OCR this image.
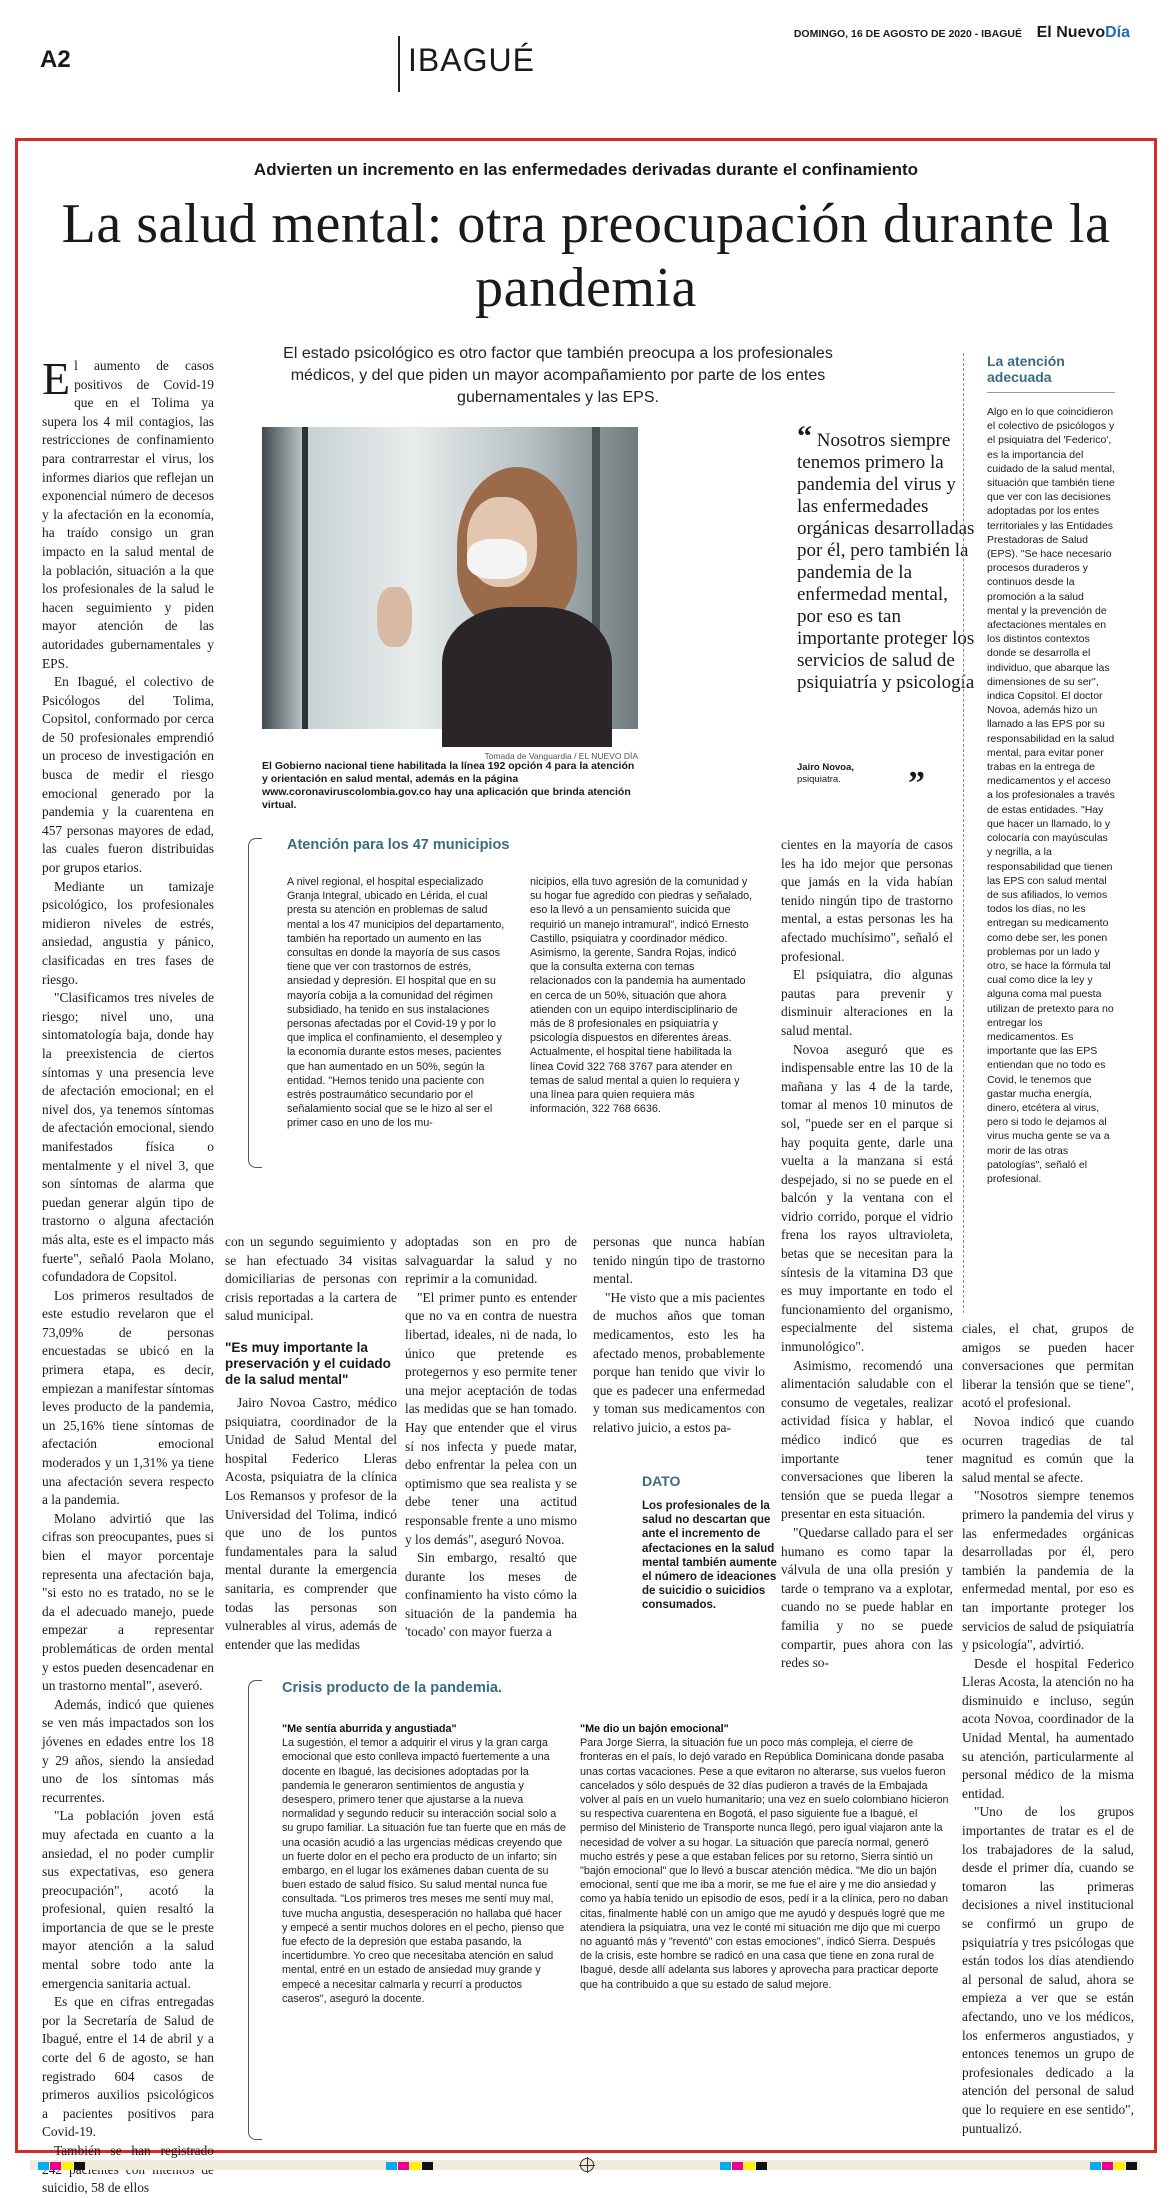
A2	IBAGUÉ
DOMINGO, 16 DE AGOSTO DE 2020 - IBAGUÉ El NuevoDía
Advierten un incremento en las enfermedades derivadas durante el confinamiento
La salud mental: otra preocupación durante la pandemia
El estado psicológico es otro factor que también preocupa a los profesionales médicos, y del que piden un mayor acompañamiento por parte de los entes gubernamentales y las EPS.

El aumento de casos positivos de Covid-19 que en el Tolima ya supera los 4 mil contagios, las restricciones de confinamiento para contrarrestar el virus, los informes diarios que reflejan un exponencial número de decesos y la afectación en la economía, ha traído consigo un gran impacto en la salud mental de la población, situación a la que los profesionales de la salud le hacen seguimiento y piden mayor atención de las autoridades gubernamentales y EPS.

En Ibagué, el colectivo de Psicólogos del Tolima, Copsitol, conformado por cerca de 50 profesionales emprendió un proceso de investigación en busca de medir el riesgo emocional generado por la pandemia y la cuarentena en 457 personas mayores de edad, las cuales fueron distribuidas por grupos etarios.

Mediante un tamizaje psicológico, los profesionales midieron niveles de estrés, ansiedad, angustia y pánico, clasificadas en tres fases de riesgo.

"Clasificamos tres niveles de riesgo; nivel uno, una sintomatología baja, donde hay la preexistencia de ciertos síntomas y una presencia leve de afectación emocional; en el nivel dos, ya tenemos síntomas de afectación emocional, siendo manifestados física o mentalmente y el nivel 3, que son síntomas de alarma que puedan generar algún tipo de trastorno o alguna afectación más alta, este es el impacto más fuerte", señaló Paola Molano, cofundadora de Copsitol.

Los primeros resultados de este estudio revelaron que el 73,09% de personas encuestadas se ubicó en la primera etapa, es decir, empiezan a manifestar síntomas leves producto de la pandemia, un 25,16% tiene síntomas de afectación emocional moderados y un 1,31% ya tiene una afectación severa respecto a la pandemia.

Molano advirtió que las cifras son preocupantes, pues si bien el mayor porcentaje representa una afectación baja, "si esto no es tratado, no se le da el adecuado manejo, puede empezar a representar problemáticas de orden mental y estos pueden desencadenar en un trastorno mental", aseveró.

Además, indicó que quienes se ven más impactados son los jóvenes en edades entre los 18 y 29 años, siendo la ansiedad uno de los síntomas más recurrentes.

"La población joven está muy afectada en cuanto a la ansiedad, el no poder cumplir sus expectativas, eso genera preocupación", acotó la profesional, quien resaltó la importancia de que se le preste mayor atención a la salud mental sobre todo ante la emergencia sanitaria actual.

Es que en cifras entregadas por la Secretaría de Salud de Ibagué, entre el 14 de abril y a corte del 6 de agosto, se han registrado 604 casos de primeros auxilios psicológicos a pacientes positivos para Covid-19.

También se han registrado suicidio, 58 de ellos

Tomada de Vanguardia / EL NUEVO DÍA
El Gobierno nacional tiene habilitada la línea 192 opción 4 para la atención y orientación en salud mental, además en la página www.coronaviruscolombia.gov.co hay una aplicación que brinda atención virtual.
“ Nosotros siempre tenemos primero la pandemia del virus y las enfermedades orgánicas desarrolladas por él, pero también la pandemia de la enfermedad mental, por eso es tan importante proteger los servicios de salud de psiquiatría y psicología
Jairo Novoa,
psiquiatra.	”
La atención adecuada
Algo en lo que coincidieron el colectivo de psicólogos y el psiquiatra del 'Federico', es la importancia del cuidado de la salud mental, situación que también tiene que ver con las decisiones adoptadas por los entes territoriales y las Entidades Prestadoras de Salud (EPS). "Se hace necesario procesos duraderos y continuos desde la promoción a la salud mental y la prevención de afectaciones mentales en los distintos contextos donde se desarrolla el individuo, que abarque las dimensiones de su ser", indica Copsitol. El doctor Novoa, además hizo un llamado a las EPS por su responsabilidad en la salud mental, para evitar poner trabas en la entrega de medicamentos y el acceso a los profesionales a través de estas entidades. "Hay que hacer un llamado, lo y colocaría con mayúsculas y negrilla, a la responsabilidad que tienen las EPS con salud mental de sus afiliados, lo vemos todos los días, no les entregan su medicamento como debe ser, les ponen problemas por un lado y otro, se hace la fórmula tal cual como dice la ley y alguna coma mal puesta utilizan de pretexto para no entregar los medicamentos. Es importante que las EPS entiendan que no todo es Covid, le tenemos que gastar mucha energía, dinero, etcétera al virus, pero si todo le dejamos al virus mucha gente se va a morir de las otras patologías", señaló el profesional.
Atención para los 47 municipios
A nivel regional, el hospital especializado Granja Integral, ubicado en Lérida, el cual presta su atención en problemas de salud mental a los 47 municipios del departamento, también ha reportado un aumento en las consultas en donde la mayoría de sus casos tiene que ver con trastornos de estrés, ansiedad y depresión. El hospital que en su mayoría cobija a la comunidad del régimen subsidiado, ha tenido en sus instalaciones personas afectadas por el Covid-19 y por lo que implica el confinamiento, el desempleo y la economía durante estos meses, pacientes que han aumentado en un 50%, según la entidad. "Hemos tenido una paciente con estrés postraumático secundario por el señalamiento social que se le hizo al ser el primer caso en uno de los mu-
nicipios, ella tuvo agresión de la comunidad y su hogar fue agredido con piedras y señalado, eso la llevó a un pensamiento suicida que requirió un manejo intramural", indicó Ernesto Castillo, psiquiatra y coordinador médico. Asimismo, la gerente, Sandra Rojas, indicó que la consulta externa con temas relacionados con la pandemia ha aumentado en cerca de un 50%, situación que ahora atienden con un equipo interdisciplinario de más de 8 profesionales en psiquiatría y psicología dispuestos en diferentes áreas. Actualmente, el hospital tiene habilitada la línea Covid 322 768 3767 para atender en temas de salud mental a quien lo requiera y una línea para quien requiera más información, 322 768 6636.

con un segundo seguimiento y se han efectuado 34 visitas domiciliarias de personas con crisis reportadas a la cartera de salud municipal.

"Es muy importante la preservación y el cuidado de la salud mental"

Jairo Novoa Castro, médico psiquiatra, coordinador de la Unidad de Salud Mental del hospital Federico Lleras Acosta, psiquiatra de la clínica Los Remansos y profesor de la Universidad del Tolima, indicó que uno de los puntos fundamentales para la salud mental durante la emergencia sanitaria, es comprender que todas las personas son vulnerables al virus, además de entender que las medidas

adoptadas son en pro de salvaguardar la salud y no reprimir a la comunidad.

"El primer punto es entender que no va en contra de nuestra libertad, ideales, ni de nada, lo único que pretende es protegernos y eso permite tener una mejor aceptación de todas las medidas que se han tomado. Hay que entender que el virus sí nos infecta y puede matar, debo enfrentar la pelea con un optimismo que sea realista y se debe tener una actitud responsable frente a uno mismo y los demás", aseguró Novoa.

Sin embargo, resaltó que durante los meses de confinamiento ha visto cómo la situación de la pandemia ha 'tocado' con mayor fuerza a

personas que nunca habían tenido ningún tipo de trastorno mental.

"He visto que a mis pacientes de muchos años que toman medicamentos, esto les ha afectado menos, probablemente porque han tenido que vivir lo que es padecer una enfermedad y toman sus medicamentos con relativo juicio, a estos pa-

DATO
Los profesionales de la salud no descartan que ante el incremento de afectaciones en la salud mental también aumente el número de ideaciones de suicidio o suicidios consumados.

cientes en la mayoría de casos les ha ido mejor que personas que jamás en la vida habían tenido ningún tipo de trastorno mental, a estas personas les ha afectado muchísimo", señaló el profesional.

El psiquiatra, dio algunas pautas para prevenir y disminuir alteraciones en la salud mental.

Novoa aseguró que es indispensable entre las 10 de la mañana y las 4 de la tarde, tomar al menos 10 minutos de sol, "puede ser en el parque si hay poquita gente, darle una vuelta a la manzana si está despejado, si no se puede en el balcón y la ventana con el vidrio corrido, porque el vidrio frena los rayos ultravioleta, betas que se necesitan para la síntesis de la vitamina D3 que es muy importante en todo el funcionamiento del organismo, especialmente del sistema inmunológico".

Asimismo, recomendó una alimentación saludable con el consumo de vegetales, realizar actividad física y hablar, el médico indicó que es importante tener conversaciones que liberen la tensión que se pueda llegar a presentar en esta situación.

"Quedarse callado para el ser humano es como tapar la válvula de una olla presión y tarde o temprano va a explotar, cuando no se puede hablar en familia y no se puede compartir, pues ahora con las redes so-

ciales, el chat, grupos de amigos se pueden hacer conversaciones que permitan liberar la tensión que se tiene", acotó el profesional.

Novoa indicó que cuando ocurren tragedias de tal magnitud es común que la salud mental se afecte.

"Nosotros siempre tenemos primero la pandemia del virus y las enfermedades orgánicas desarrolladas por él, pero también la pandemia de la enfermedad mental, por eso es tan importante proteger los servicios de salud de psiquiatría y psicología", advirtió.

Desde el hospital Federico Lleras Acosta, la atención no ha disminuido e incluso, según acota Novoa, coordinador de la Unidad Mental, ha aumentado su atención, particularmente al personal médico de la misma entidad.

"Uno de los grupos importantes de tratar es el de los trabajadores de la salud, desde el primer día, cuando se tomaron las primeras decisiones a nivel institucional se confirmó un grupo de psiquiatría y tres psicólogas que están todos los días atendiendo al personal de salud, ahora se empieza a ver que se están afectando, uno ve los médicos, los enfermeros angustiados, y entonces tenemos un grupo de profesionales dedicado a la atención del personal de salud que lo requiere en ese sentido", puntualizó.

Crisis producto de la pandemia.
"Me sentía aburrida y angustiada"
La sugestión, el temor a adquirir el virus y la gran carga emocional que esto conlleva impactó fuertemente a una docente en Ibagué, las decisiones adoptadas por la pandemia le generaron sentimientos de angustia y desespero, primero tener que ajustarse a la nueva normalidad y segundo reducir su interacción social solo a su grupo familiar. La situación fue tan fuerte que en más de una ocasión acudió a las urgencias médicas creyendo que un fuerte dolor en el pecho era producto de un infarto; sin embargo, en el lugar los exámenes daban cuenta de su buen estado de salud físico. Su salud mental nunca fue consultada. "Los primeros tres meses me sentí muy mal, tuve mucha angustia, desesperación no hallaba qué hacer y empecé a sentir muchos dolores en el pecho, pienso que fue efecto de la depresión que estaba pasando, la incertidumbre. Yo creo que necesitaba atención en salud mental, entré en un estado de ansiedad muy grande y empecé a necesitar calmarla y recurrí a productos caseros", aseguró la docente.
"Me dio un bajón emocional"
Para Jorge Sierra, la situación fue un poco más compleja, el cierre de fronteras en el país, lo dejó varado en República Dominicana donde pasaba unas cortas vacaciones. Pese a que evitaron no alterarse, sus vuelos fueron cancelados y sólo después de 32 días pudieron a través de la Embajada volver al país en un vuelo humanitario; una vez en suelo colombiano hicieron su respectiva cuarentena en Bogotá, el paso siguiente fue a Ibagué, el permiso del Ministerio de Transporte nunca llegó, pero igual viajaron ante la necesidad de volver a su hogar. La situación que parecía normal, generó mucho estrés y pese a que estaban felices por su retorno, Sierra sintió un "bajón emocional" que lo llevó a buscar atención médica. "Me dio un bajón emocional, sentí que me iba a morir, se me fue el aire y me dio ansiedad y como ya había tenido un episodio de esos, pedí ir a la clínica, pero no daban citas, finalmente hablé con un amigo que me ayudó y después logré que me atendiera la psiquiatra, una vez le conté mi situación me dijo que mi cuerpo no aguantó más y "reventó" con estas emociones", indicó Sierra. Después de la crisis, este hombre se radicó en una casa que tiene en zona rural de Ibagué, desde allí adelanta sus labores y aprovecha para practicar deporte que ha contribuido a que su estado de salud mejore.
